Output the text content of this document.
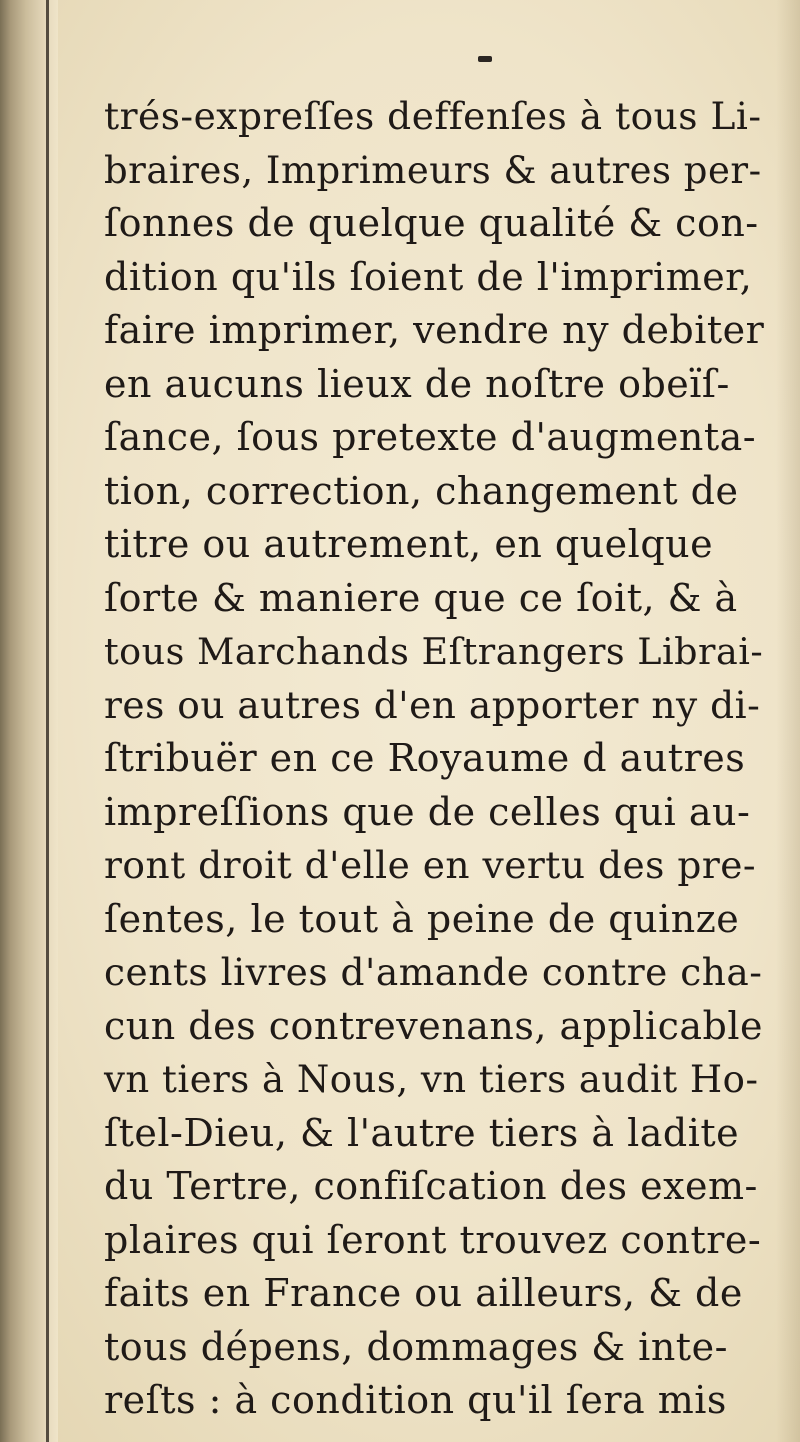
trés-expreſſes deffenſes à tous Li-
braires, Imprimeurs & autres per-
ſonnes de quelque qualité & con-
dition qu'ils ſoient de l'imprimer,
faire imprimer, vendre ny debiter
en aucuns lieux de noſtre obeïſ-
ſance, ſous pretexte d'augmenta-
tion, correction, changement de
titre ou autrement, en quelque
ſorte & maniere que ce ſoit, & à
tous Marchands Eſtrangers Librai-
res ou autres d'en apporter ny di-
ſtribuër en ce Royaume d autres
impreſſions que de celles qui au-
ront droit d'elle en vertu des pre-
ſentes, le tout à peine de quinze
cents livres d'amande contre cha-
cun des contrevenans, applicable
vn tiers à Nous, vn tiers audit Ho-
ſtel-Dieu, & l'autre tiers à ladite
du Tertre, confiſcation des exem-
plaires qui ſeront trouvez contre-
faits en France ou ailleurs, & de
tous dépens, dommages & inte-
reſts : à condition qu'il ſera mis
